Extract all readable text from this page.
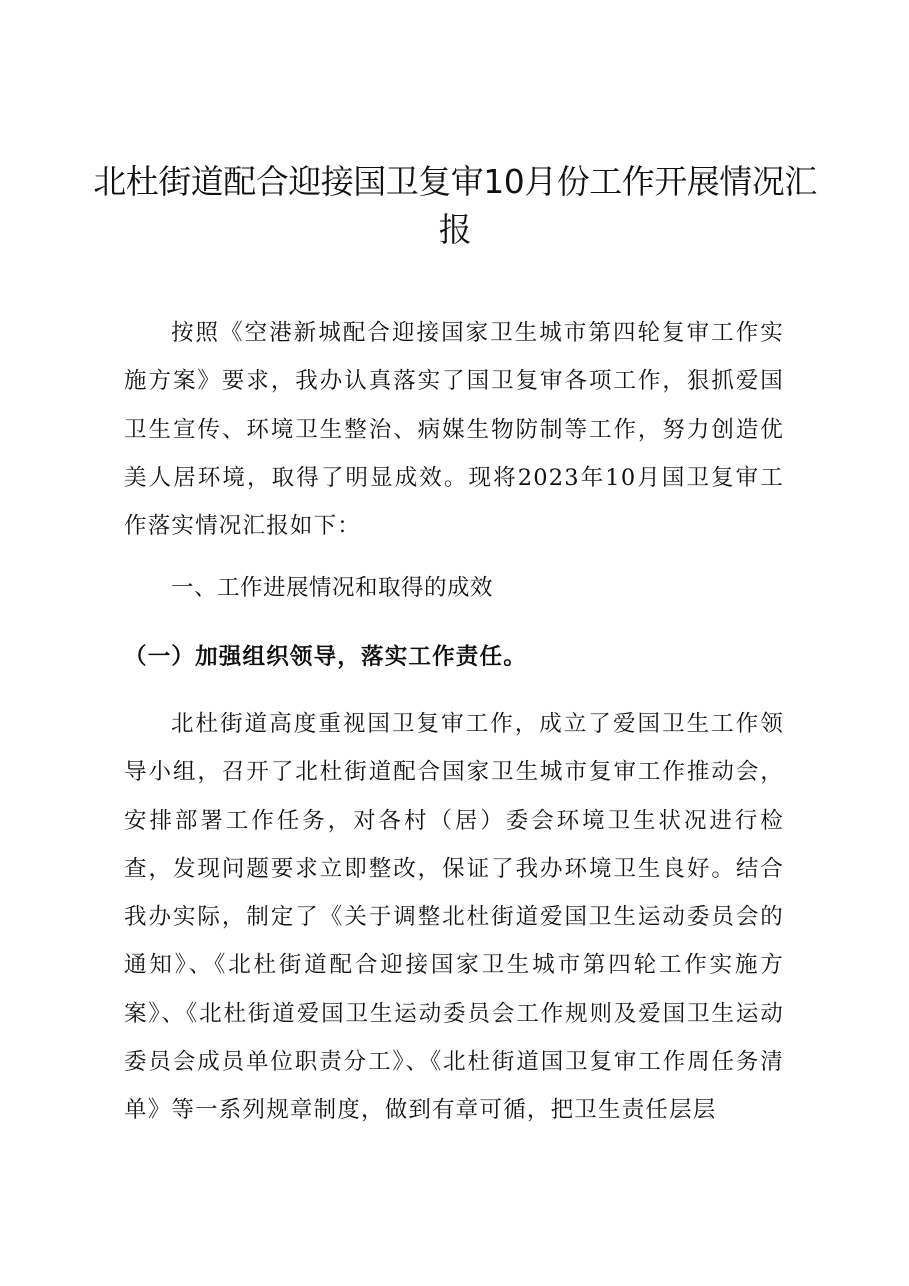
北杜街道配合迎接国卫复审10月份工作开展情况汇报

按照《空港新城配合迎接国家卫生城市第四轮复审工作实施方案》要求，我办认真落实了国卫复审各项工作，狠抓爱国卫生宣传、环境卫生整治、病媒生物防制等工作，努力创造优美人居环境，取得了明显成效。现将2023年10月国卫复审工作落实情况汇报如下：

一、工作进展情况和取得的成效
（一）加强组织领导，落实工作责任。

北杜街道高度重视国卫复审工作，成立了爱国卫生工作领导小组，召开了北杜街道配合国家卫生城市复审工作推动会，安排部署工作任务，对各村（居）委会环境卫生状况进行检查，发现问题要求立即整改，保证了我办环境卫生良好。结合我办实际，制定了《关于调整北杜街道爱国卫生运动委员会的通知》、《北杜街道配合迎接国家卫生城市第四轮工作实施方案》、《北杜街道爱国卫生运动委员会工作规则及爱国卫生运动委员会成员单位职责分工》、《北杜街道国卫复审工作周任务清单》等一系列规章制度，做到有章可循，把卫生责任层层
